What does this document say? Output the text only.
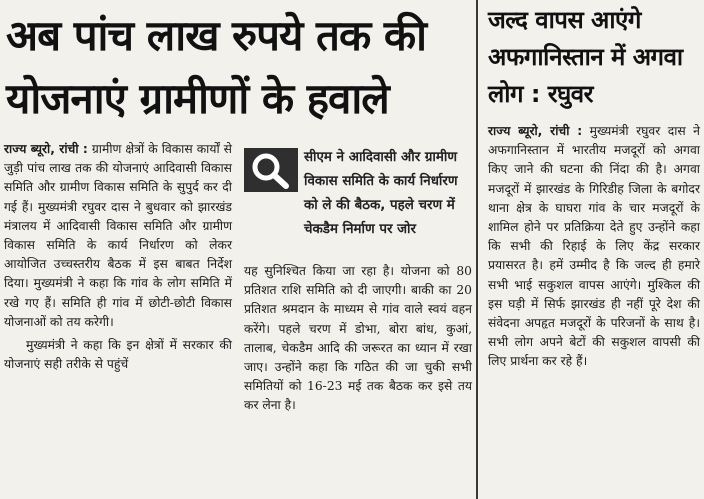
अब पांच लाख रुपये तक की योजनाएं ग्रामीणों के हवाले
जल्द वापस आएंगे अफगानिस्तान में अगवा लोग : रघुवर

राज्य ब्यूरो, रांची : ग्रामीण क्षेत्रों के विकास कार्यों से जुड़ी पांच लाख तक की योजनाएं आदिवासी विकास समिति और ग्रामीण विकास समिति के सुपुर्द कर दी गई हैं। मुख्यमंत्री रघुवर दास ने बुधवार को झारखंड मंत्रालय में आदिवासी विकास समिति और ग्रामीण विकास समिति के कार्य निर्धारण को लेकर आयोजित उच्चस्तरीय बैठक में इस बाबत निर्देश दिया। मुख्यमंत्री ने कहा कि गांव के लोग समिति में रखे गए हैं। समिति ही गांव में छोटी-छोटी विकास योजनाओं को तय करेगी।

मुख्यमंत्री ने कहा कि इन क्षेत्रों में सरकार की योजनाएं सही तरीके से पहुंचें

सीएम ने आदिवासी और ग्रामीण विकास समिति के कार्य निर्धारण को ले की बैठक, पहले चरण में चेकडैम निर्माण पर जोर

यह सुनिश्चित किया जा रहा है। योजना को 80 प्रतिशत राशि समिति को दी जाएगी। बाकी का 20 प्रतिशत श्रमदान के माध्यम से गांव वाले स्वयं वहन करेंगे। पहले चरण में डोभा, बोरा बांध, कुआं, तालाब, चेकडैम आदि की जरूरत का ध्यान में रखा जाए। उन्होंने कहा कि गठित की जा चुकी सभी समितियों को 16-23 मई तक बैठक कर इसे तय कर लेना है।

राज्य ब्यूरो, रांची : मुख्यमंत्री रघुवर दास ने अफगानिस्तान में भारतीय मजदूरों को अगवा किए जाने की घटना की निंदा की है। अगवा मजदूरों में झारखंड के गिरिडीह जिला के बगोदर थाना क्षेत्र के घाघरा गांव के चार मजदूरों के शामिल होने पर प्रतिक्रिया देते हुए उन्होंने कहा कि सभी की रिहाई के लिए केंद्र सरकार प्रयासरत है। हमें उम्मीद है कि जल्द ही हमारे सभी भाई सकुशल वापस आएंगे। मुश्किल की इस घड़ी में सिर्फ झारखंड ही नहीं पूरे देश की संवेदना अपहृत मजदूरों के परिजनों के साथ है। सभी लोग अपने बेटों की सकुशल वापसी की लिए प्रार्थना कर रहे हैं।
